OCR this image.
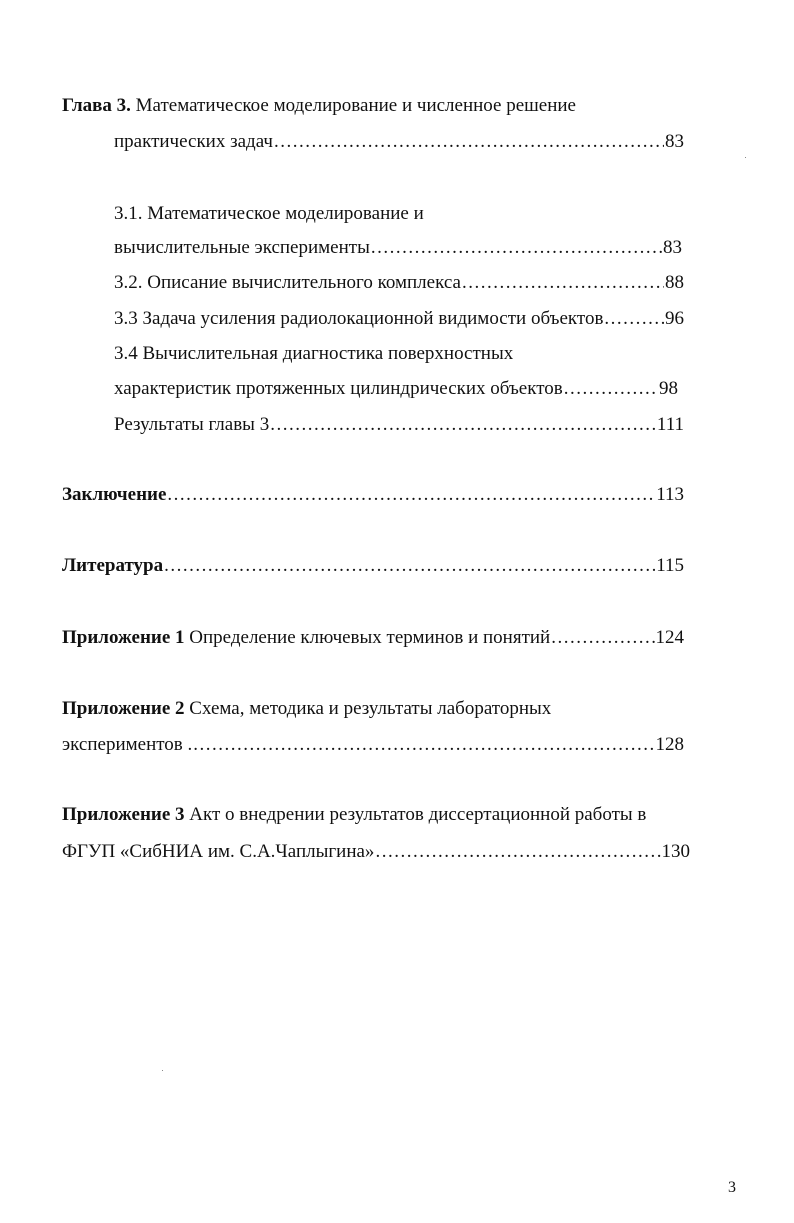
Глава 3. Математическое моделирование и численное решение
практических задач .....	83
3.1. Математическое моделирование и
вычислительные эксперименты .....	83
3.2. Описание вычислительного комплекса .....	88
3.3 Задача усиления радиолокационной видимости объектов .....	96
3.4 Вычислительная диагностика поверхностных
характеристик протяженных цилиндрических объектов .....	98
Результаты главы 3 .....	111
Заключение .....	113
Литература .....	115
Приложение 1 Определение ключевых терминов и понятий .....	124
Приложение 2 Схема, методика и результаты лабораторных
экспериментов . .....	128
Приложение 3 Акт о внедрении результатов диссертационной работы в
ФГУП «СибНИА им. С.А.Чаплыгина» .....	130
3
